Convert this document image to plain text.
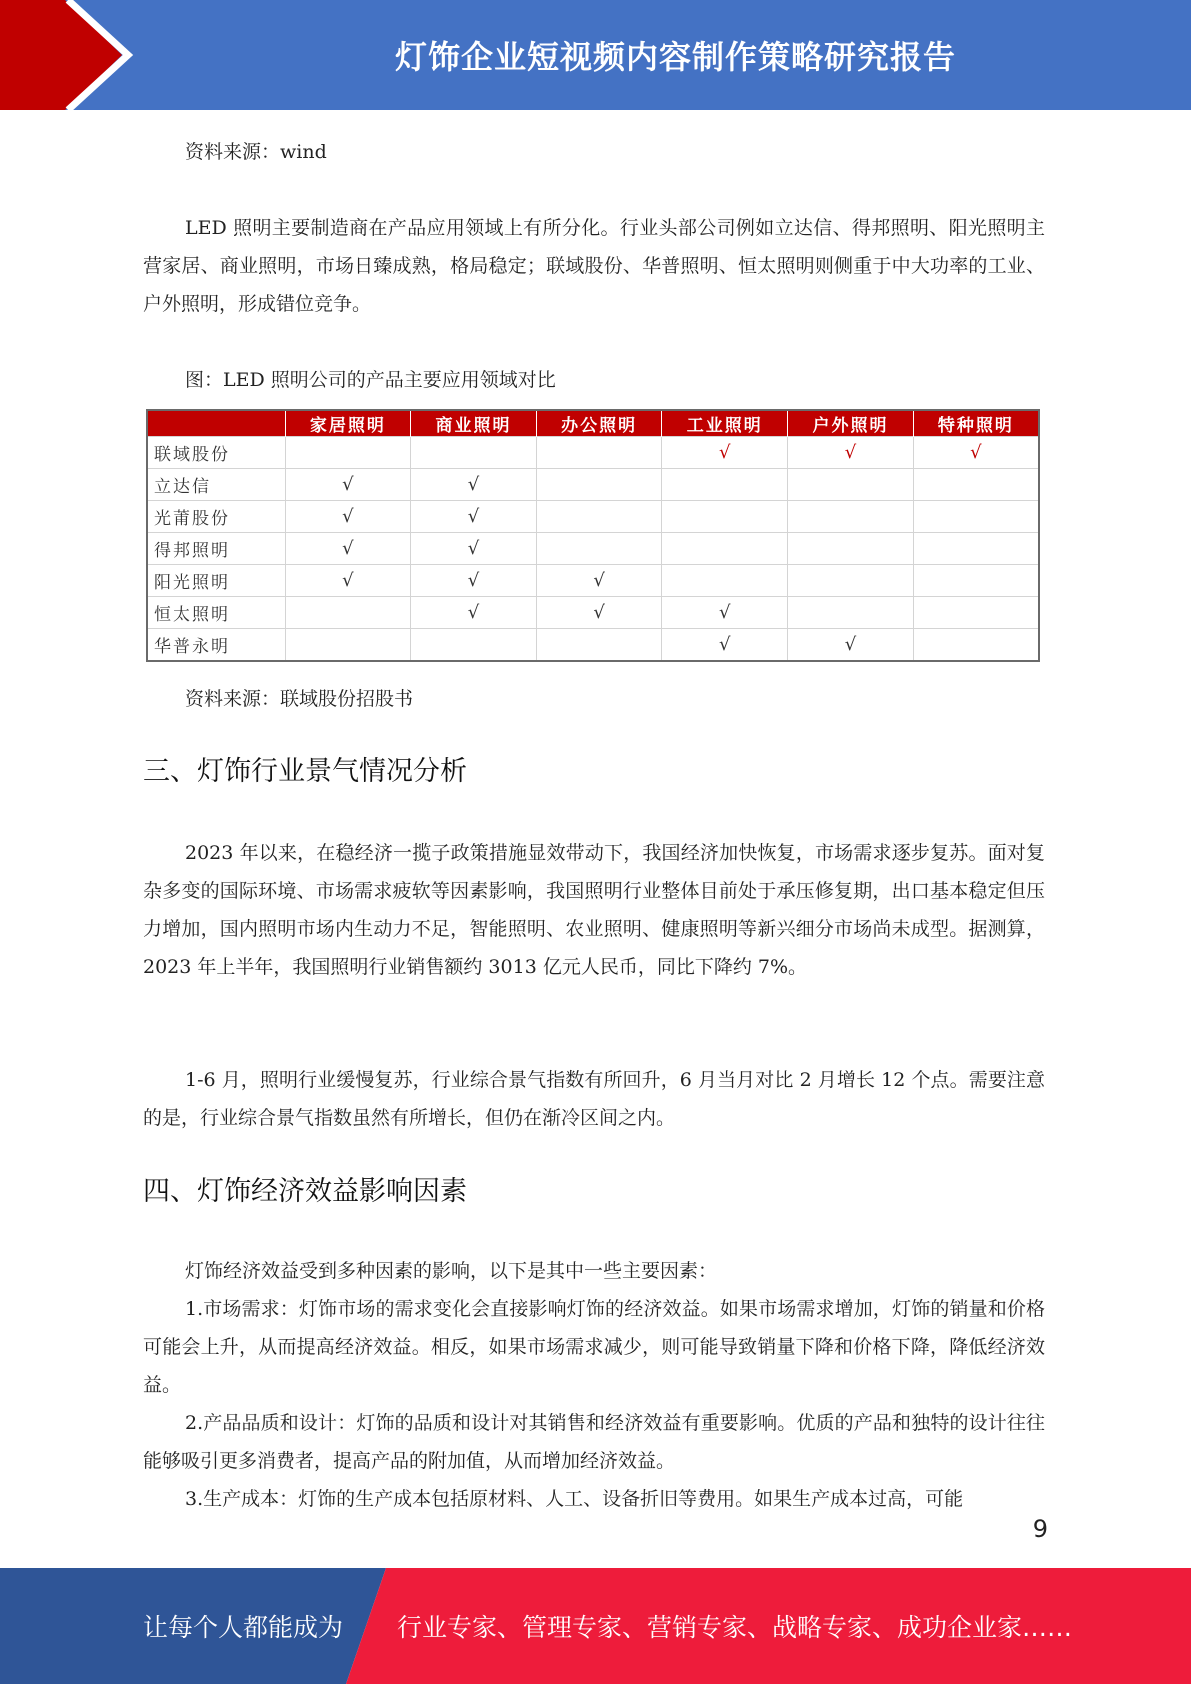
灯饰企业短视频内容制作策略研究报告

资料来源：wind

LED 照明主要制造商在产品应用领域上有所分化。行业头部公司例如立达信、得邦照明、阳光照明主营家居、商业照明，市场日臻成熟，格局稳定；联域股份、华普照明、恒太照明则侧重于中大功率的工业、户外照明，形成错位竞争。

图：LED 照明公司的产品主要应用领域对比

	家居照明	商业照明	办公照明	工业照明	户外照明	特种照明
联域股份				√	√	√
立达信	√	√				
光莆股份	√	√				
得邦照明	√	√				
阳光照明	√	√	√			
恒太照明		√	√	√		
华普永明				√	√	

资料来源：联域股份招股书

三、灯饰行业景气情况分析

2023 年以来，在稳经济一揽子政策措施显效带动下，我国经济加快恢复，市场需求逐步复苏。面对复杂多变的国际环境、市场需求疲软等因素影响，我国照明行业整体目前处于承压修复期，出口基本稳定但压力增加，国内照明市场内生动力不足，智能照明、农业照明、健康照明等新兴细分市场尚未成型。据测算，2023 年上半年，我国照明行业销售额约 3013 亿元人民币，同比下降约 7%。

1-6 月，照明行业缓慢复苏，行业综合景气指数有所回升，6 月当月对比 2 月增长 12 个点。需要注意的是，行业综合景气指数虽然有所增长，但仍在渐冷区间之内。

四、灯饰经济效益影响因素

灯饰经济效益受到多种因素的影响，以下是其中一些主要因素：

1.市场需求：灯饰市场的需求变化会直接影响灯饰的经济效益。如果市场需求增加，灯饰的销量和价格可能会上升，从而提高经济效益。相反，如果市场需求减少，则可能导致销量下降和价格下降，降低经济效益。

2.产品品质和设计：灯饰的品质和设计对其销售和经济效益有重要影响。优质的产品和独特的设计往往能够吸引更多消费者，提高产品的附加值，从而增加经济效益。

3.生产成本：灯饰的生产成本包括原材料、人工、设备折旧等费用。如果生产成本过高，可能

9

让每个人都能成为 行业专家、管理专家、营销专家、战略专家、成功企业家……
